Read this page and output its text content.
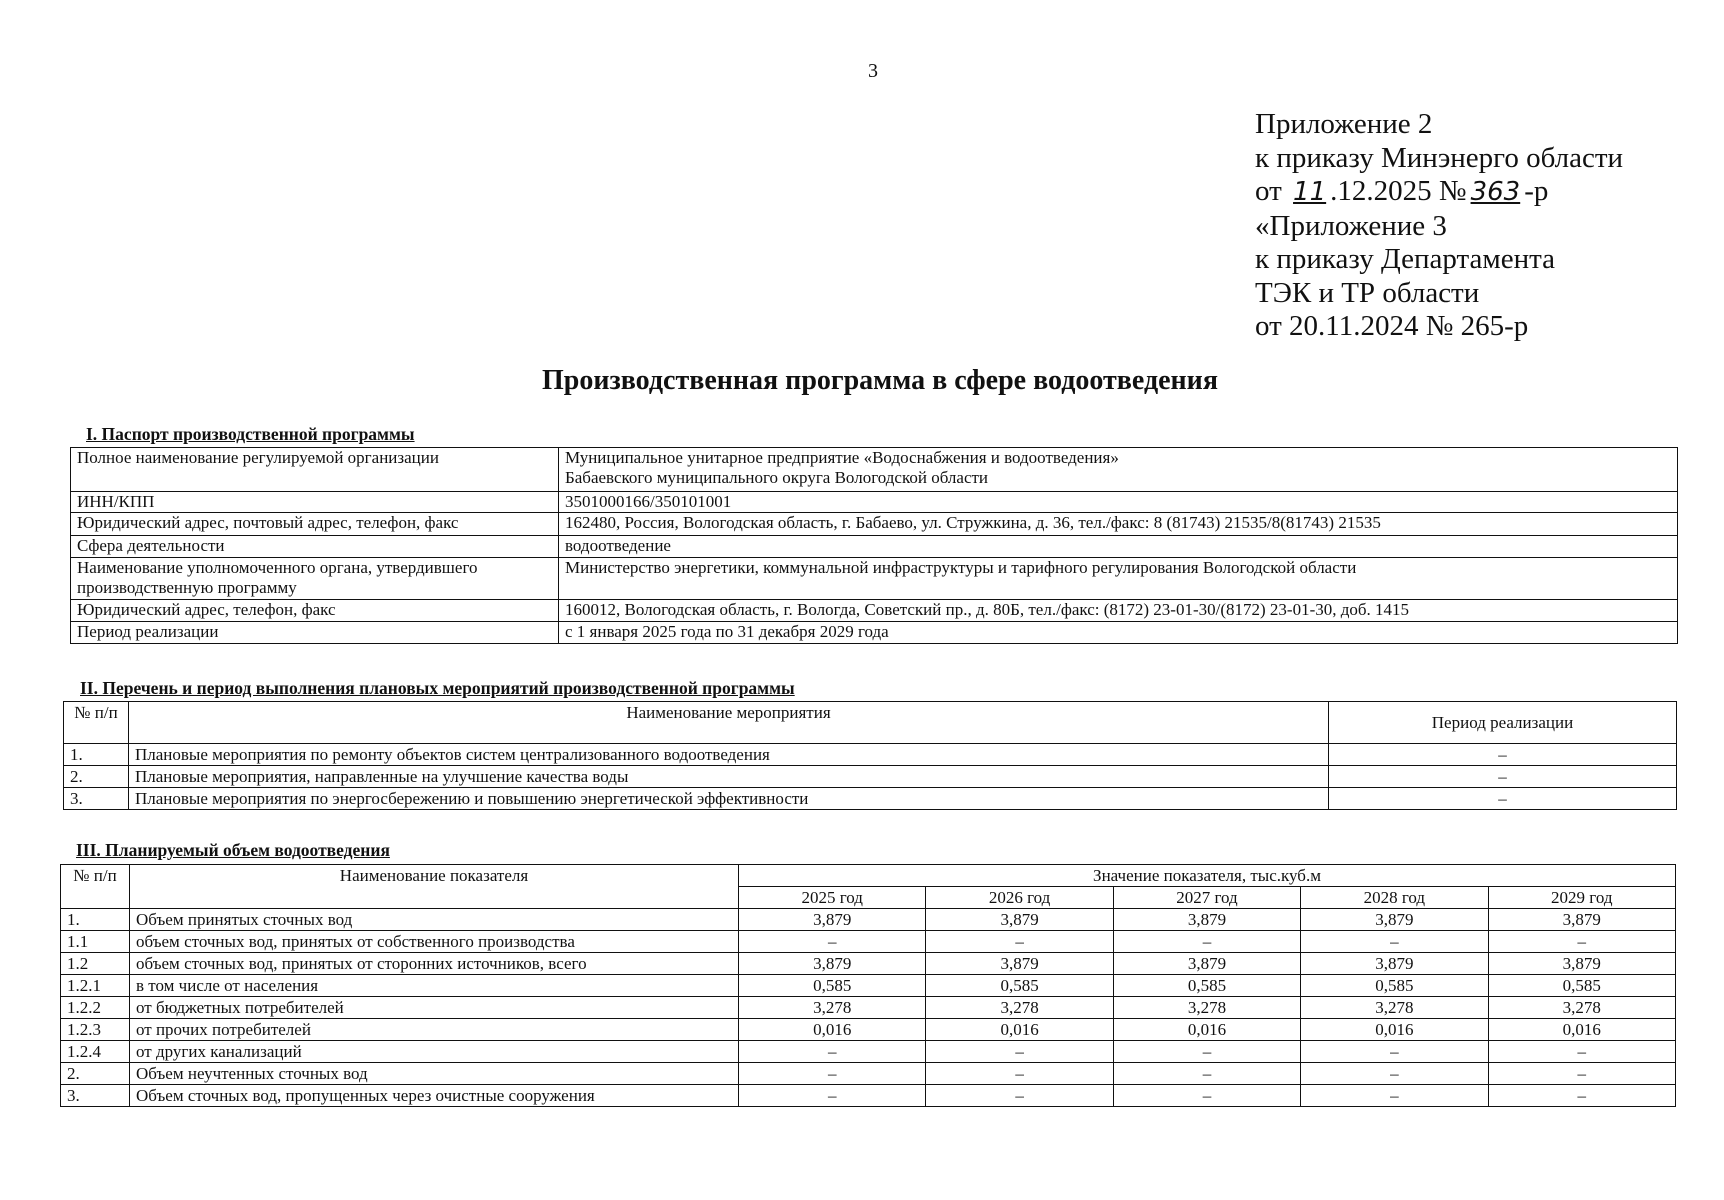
3
Приложение 2
к приказу Минэнерго области
от 11 .12.2025 № 363 -р
«Приложение 3
к приказу Департамента
ТЭК и ТР области
от 20.11.2024 № 265-р
Производственная программа в сфере водоотведения
I. Паспорт производственной программы
Полное наименование регулируемой организации	Муниципальное унитарное предприятие «Водоснабжения и водоотведения»
Бабаевского муниципального округа Вологодской области

ИНН/КПП	3501000166/350101001
Юридический адрес, почтовый адрес, телефон, факс	162480, Россия, Вологодская область, г. Бабаево, ул. Стружкина, д. 36, тел./факс: 8 (81743) 21535/8(81743) 21535
Сфера деятельности	водоотведение
Наименование уполномоченного органа, утвердившего производственную программу	Министерство энергетики, коммунальной инфраструктуры и тарифного регулирования Вологодской области
Юридический адрес, телефон, факс	160012, Вологодская область, г. Вологда, Советский пр., д. 80Б, тел./факс: (8172) 23-01-30/(8172) 23-01-30, доб. 1415
Период реализации	с 1 января 2025 года по 31 декабря 2029 года
II. Перечень и период выполнения плановых мероприятий производственной программы
№ п/п	Наименование мероприятия	Период реализации
1.	Плановые мероприятия по ремонту объектов систем централизованного водоотведения	–
2.	Плановые мероприятия, направленные на улучшение качества воды	–
3.	Плановые мероприятия по энергосбережению и повышению энергетической эффективности	–
III. Планируемый объем водоотведения
№ п/п	Наименование показателя	Значение показателя, тыс.куб.м				
		2025 год	2026 год	2027 год	2028 год	2029 год
1.	Объем принятых сточных вод	3,879	3,879	3,879	3,879	3,879
1.1	объем сточных вод, принятых от собственного производства	–	–	–	–	–
1.2	объем сточных вод, принятых от сторонних источников, всего	3,879	3,879	3,879	3,879	3,879
1.2.1	в том числе от населения	0,585	0,585	0,585	0,585	0,585
1.2.2	от бюджетных потребителей	3,278	3,278	3,278	3,278	3,278
1.2.3	от прочих потребителей	0,016	0,016	0,016	0,016	0,016
1.2.4	от других канализаций	–	–	–	–	–
2.	Объем неучтенных сточных вод	–	–	–	–	–
3.	Объем сточных вод, пропущенных через очистные сооружения	–	–	–	–	–
